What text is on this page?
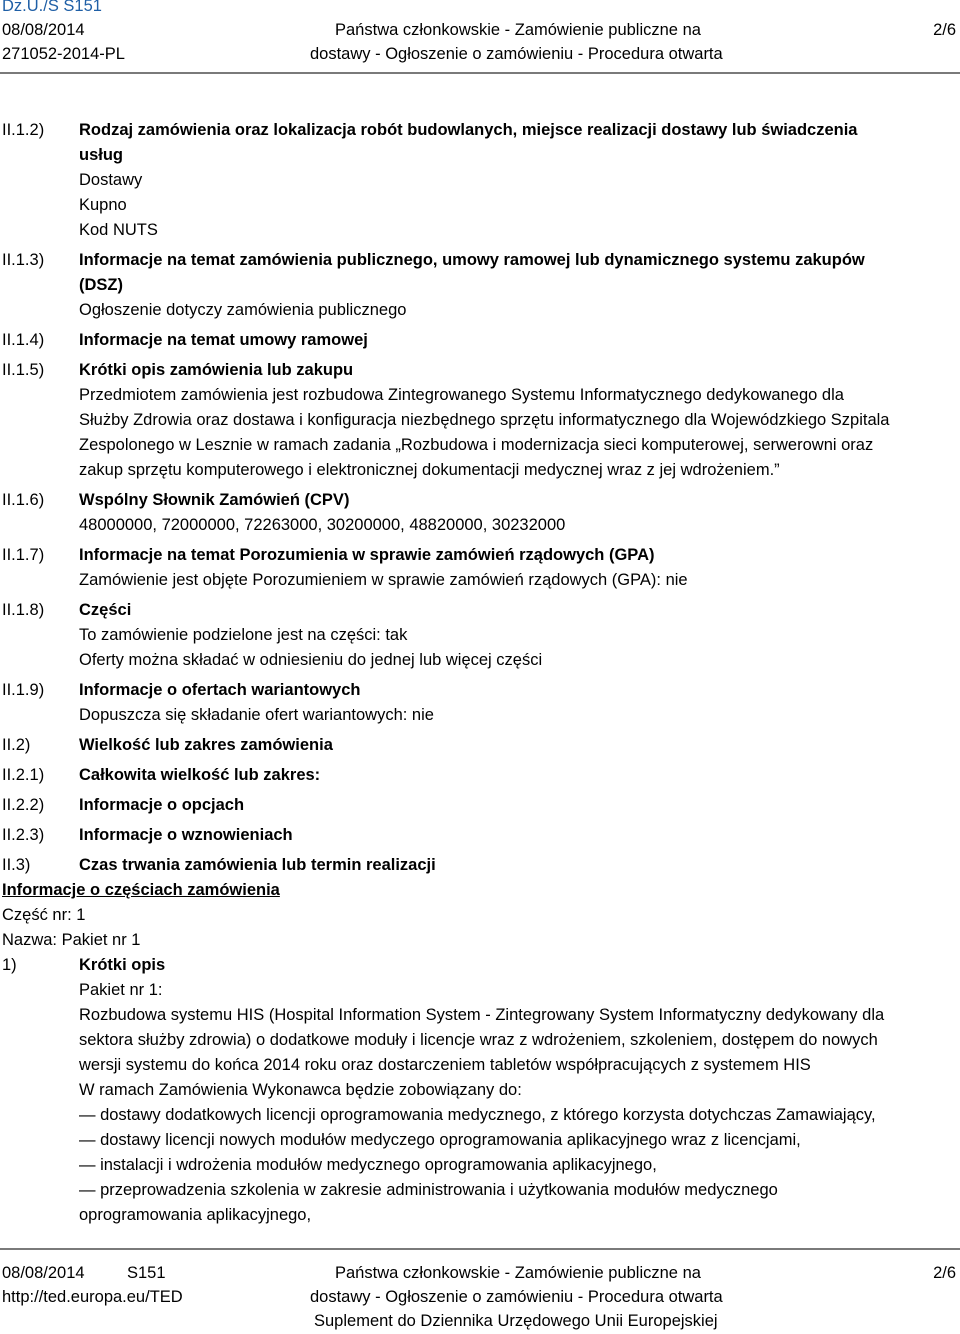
Dz.U./S S151
08/08/2014
271052-2014-PL
Państwa członkowskie - Zamówienie publiczne na
dostawy - Ogłoszenie o zamówieniu - Procedura otwarta
2/6
II.1.2)	Rodzaj zamówienia oraz lokalizacja robót budowlanych, miejsce realizacji dostawy lub świadczenia
usług
Dostawy
Kupno
Kod NUTS
II.1.3)	Informacje na temat zamówienia publicznego, umowy ramowej lub dynamicznego systemu zakupów
(DSZ)
Ogłoszenie dotyczy zamówienia publicznego
II.1.4)	Informacje na temat umowy ramowej
II.1.5)	Krótki opis zamówienia lub zakupu
Przedmiotem zamówienia jest rozbudowa Zintegrowanego Systemu Informatycznego dedykowanego dla
Służby Zdrowia oraz dostawa i konfiguracja niezbędnego sprzętu informatycznego dla Wojewódzkiego Szpitala
Zespolonego w Lesznie w ramach zadania „Rozbudowa i modernizacja sieci komputerowej, serwerowni oraz
zakup sprzętu komputerowego i elektronicznej dokumentacji medycznej wraz z jej wdrożeniem.”
II.1.6)	Wspólny Słownik Zamówień (CPV)
48000000, 72000000, 72263000, 30200000, 48820000, 30232000
II.1.7)	Informacje na temat Porozumienia w sprawie zamówień rządowych (GPA)
Zamówienie jest objęte Porozumieniem w sprawie zamówień rządowych (GPA): nie
II.1.8)	Części
To zamówienie podzielone jest na części: tak
Oferty można składać w odniesieniu do jednej lub więcej części
II.1.9)	Informacje o ofertach wariantowych
Dopuszcza się składanie ofert wariantowych: nie
II.2)	Wielkość lub zakres zamówienia
II.2.1)	Całkowita wielkość lub zakres:
II.2.2)	Informacje o opcjach
II.2.3)	Informacje o wznowieniach
II.3)	Czas trwania zamówienia lub termin realizacji
Informacje o częściach zamówienia
Część nr: 1
Nazwa: Pakiet nr 1
1)	Krótki opis
Pakiet nr 1:
Rozbudowa systemu HIS (Hospital Information System - Zintegrowany System Informatyczny dedykowany dla
sektora służby zdrowia) o dodatkowe moduły i licencje wraz z wdrożeniem, szkoleniem, dostępem do nowych
wersji systemu do końca 2014 roku oraz dostarczeniem tabletów współpracujących z systemem HIS
W ramach Zamówienia Wykonawca będzie zobowiązany do:
— dostawy dodatkowych licencji oprogramowania medycznego, z którego korzysta dotychczas Zamawiający,
— dostawy licencji nowych modułów medyczego oprogramowania aplikacyjnego wraz z licencjami,
— instalacji i wdrożenia modułów medycznego oprogramowania aplikacyjnego,
— przeprowadzenia szkolenia w zakresie administrowania i użytkowania modułów medycznego
oprogramowania aplikacyjnego,
08/08/2014	S151
http://ted.europa.eu/TED
Państwa członkowskie - Zamówienie publiczne na
dostawy - Ogłoszenie o zamówieniu - Procedura otwarta
Suplement do Dziennika Urzędowego Unii Europejskiej
2/6
